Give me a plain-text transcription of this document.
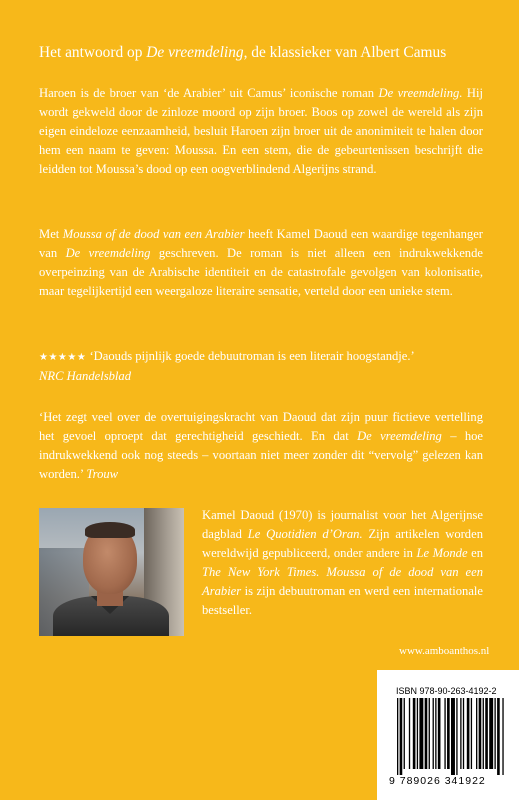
Het antwoord op De vreemdeling, de klassieker van Albert Camus
Haroen is de broer van ‘de Arabier’ uit Camus’ iconische roman De vreemdeling. Hij wordt gekweld door de zinloze moord op zijn broer. Boos op zowel de wereld als zijn eigen eindeloze eenzaamheid, besluit Haroen zijn broer uit de anonimiteit te halen door hem een naam te geven: Moussa. En een stem, die de gebeurtenissen beschrijft die leidden tot Moussa’s dood op een oogverblindend Algerijns strand.
Met Moussa of de dood van een Arabier heeft Kamel Daoud een waardige tegenhanger van De vreemdeling geschreven. De roman is niet alleen een indrukwekkende overpeinzing van de Arabische identiteit en de catastrofale gevolgen van kolonisatie, maar tegelijkertijd een weergaloze literaire sensatie, verteld door een unieke stem.
★★★★★ ‘Daouds pijnlijk goede debuutroman is een literair hoogstandje.’
NRC Handelsblad
‘Het zegt veel over de overtuigingskracht van Daoud dat zijn puur fictieve vertelling het gevoel oproept dat gerechtigheid geschiedt. En dat De vreemdeling – hoe indrukwekkend ook nog steeds – voortaan niet meer zonder dit “vervolg” gelezen kan worden.’ Trouw
Kamel Daoud (1970) is journalist voor het Algerijnse dagblad Le Quotidien d’Oran. Zijn artikelen worden wereldwijd gepubliceerd, onder andere in Le Monde en The New York Times. Moussa of de dood van een Arabier is zijn debuutroman en werd een internationale bestseller.
www.amboanthos.nl
ISBN 978-90-263-4192-2
9 789026 341922
